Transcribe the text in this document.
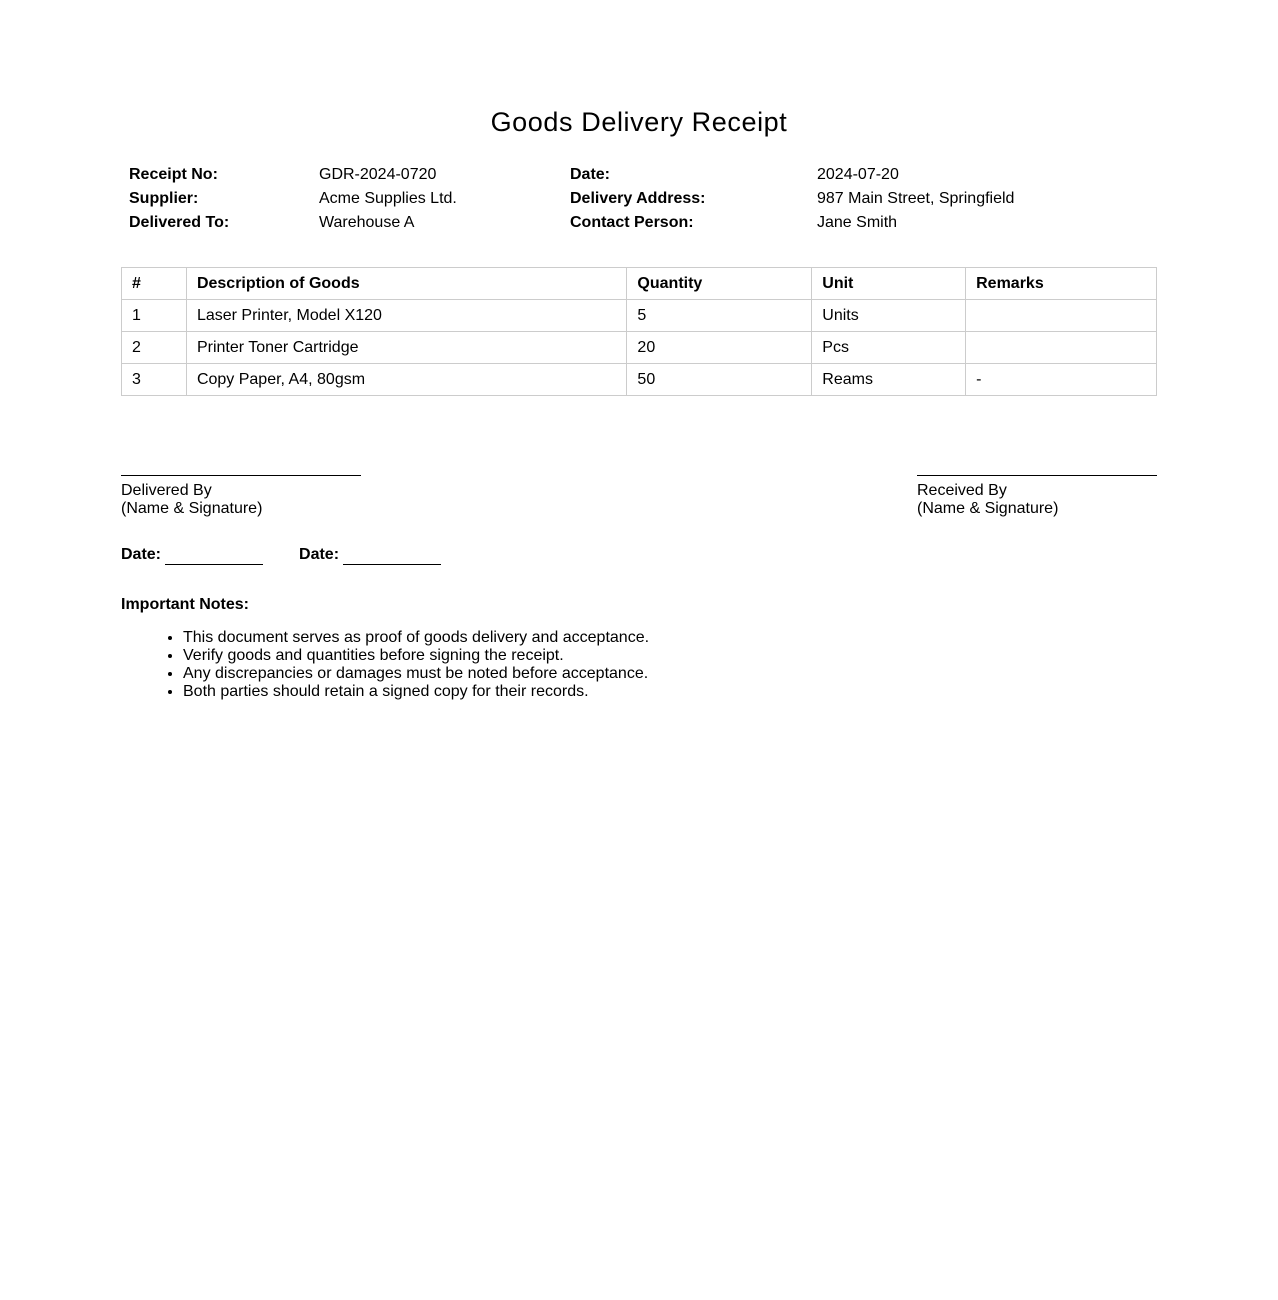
Goods Delivery Receipt
Receipt No:	GDR-2024-0720	Date:	2024-07-20
Supplier:	Acme Supplies Ltd.	Delivery Address:	987 Main Street, Springfield
Delivered To:	Warehouse A	Contact Person:	Jane Smith
#	Description of Goods	Quantity	Unit	Remarks
1	Laser Printer, Model X120	5	Units	
2	Printer Toner Cartridge	20	Pcs	
3	Copy Paper, A4, 80gsm	50	Reams	-
Delivered By
(Name & Signature)
Received By
(Name & Signature)
Date:	Date:
Important Notes:
• This document serves as proof of goods delivery and acceptance.
• Verify goods and quantities before signing the receipt.
• Any discrepancies or damages must be noted before acceptance.
• Both parties should retain a signed copy for their records.
